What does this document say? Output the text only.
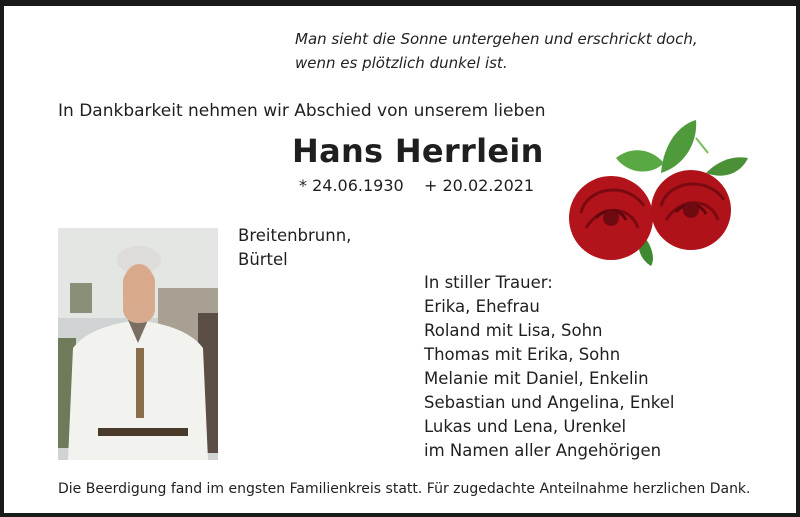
Man sieht die Sonne untergehen und erschrickt doch,
wenn es plötzlich dunkel ist.
In Dankbarkeit nehmen wir Abschied von unserem lieben
Hans Herrlein
* 24.06.1930 + 20.02.2021
Breitenbrunn,
Bürtel
In stiller Trauer:
Erika, Ehefrau
Roland mit Lisa, Sohn
Thomas mit Erika, Sohn
Melanie mit Daniel, Enkelin
Sebastian und Angelina, Enkel
Lukas und Lena, Urenkel
im Namen aller Angehörigen
Die Beerdigung fand im engsten Familienkreis statt. Für zugedachte Anteilnahme herzlichen Dank.
